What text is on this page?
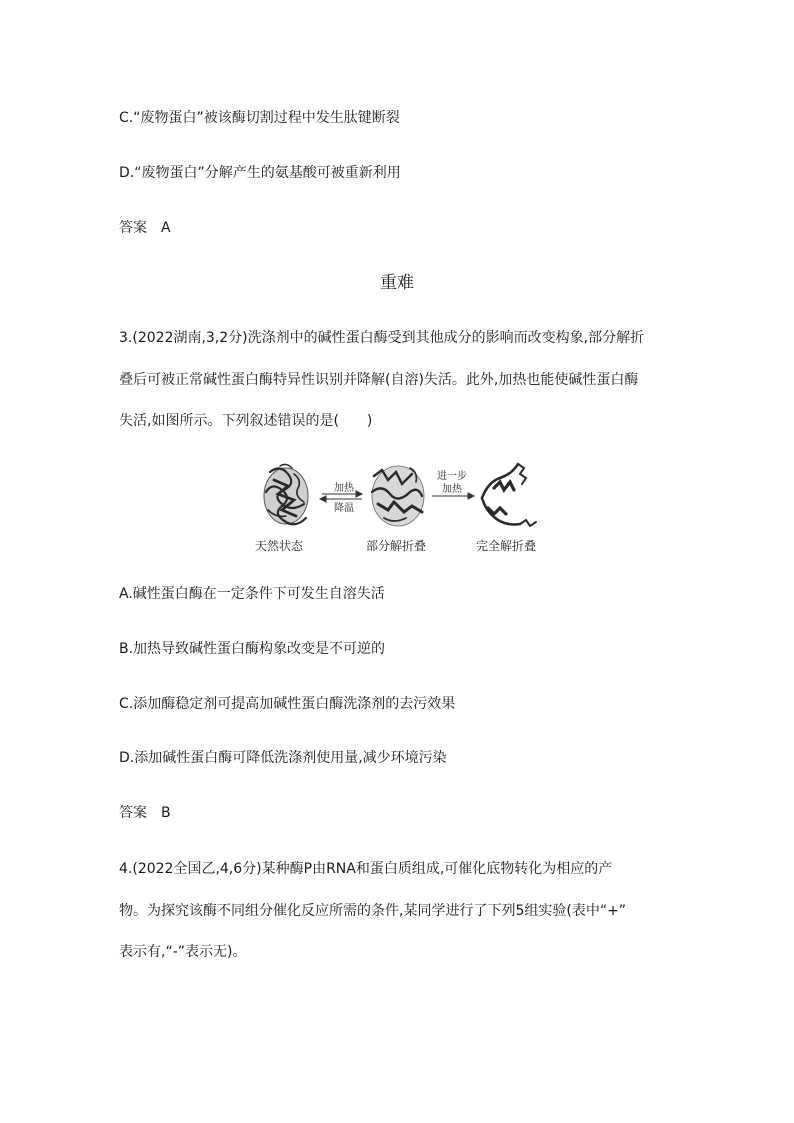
C.“废物蛋白”被该酶切割过程中发生肽键断裂
D.“废物蛋白”分解产生的氨基酸可被重新利用
答案　A
重难
3.(2022湖南,3,2分)洗涤剂中的碱性蛋白酶受到其他成分的影响而改变构象,部分解折
叠后可被正常碱性蛋白酶特异性识别并降解(自溶)失活。此外,加热也能使碱性蛋白酶
失活,如图所示。下列叙述错误的是(　　)
加热
降温
进一步
加热
天然状态	部分解折叠	完全解折叠
A.碱性蛋白酶在一定条件下可发生自溶失活
B.加热导致碱性蛋白酶构象改变是不可逆的
C.添加酶稳定剂可提高加碱性蛋白酶洗涤剂的去污效果
D.添加碱性蛋白酶可降低洗涤剂使用量,减少环境污染
答案　B
4.(2022全国乙,4,6分)某种酶P由RNA和蛋白质组成,可催化底物转化为相应的产
物。为探究该酶不同组分催化反应所需的条件,某同学进行了下列5组实验(表中“+”
表示有,“-”表示无)。
